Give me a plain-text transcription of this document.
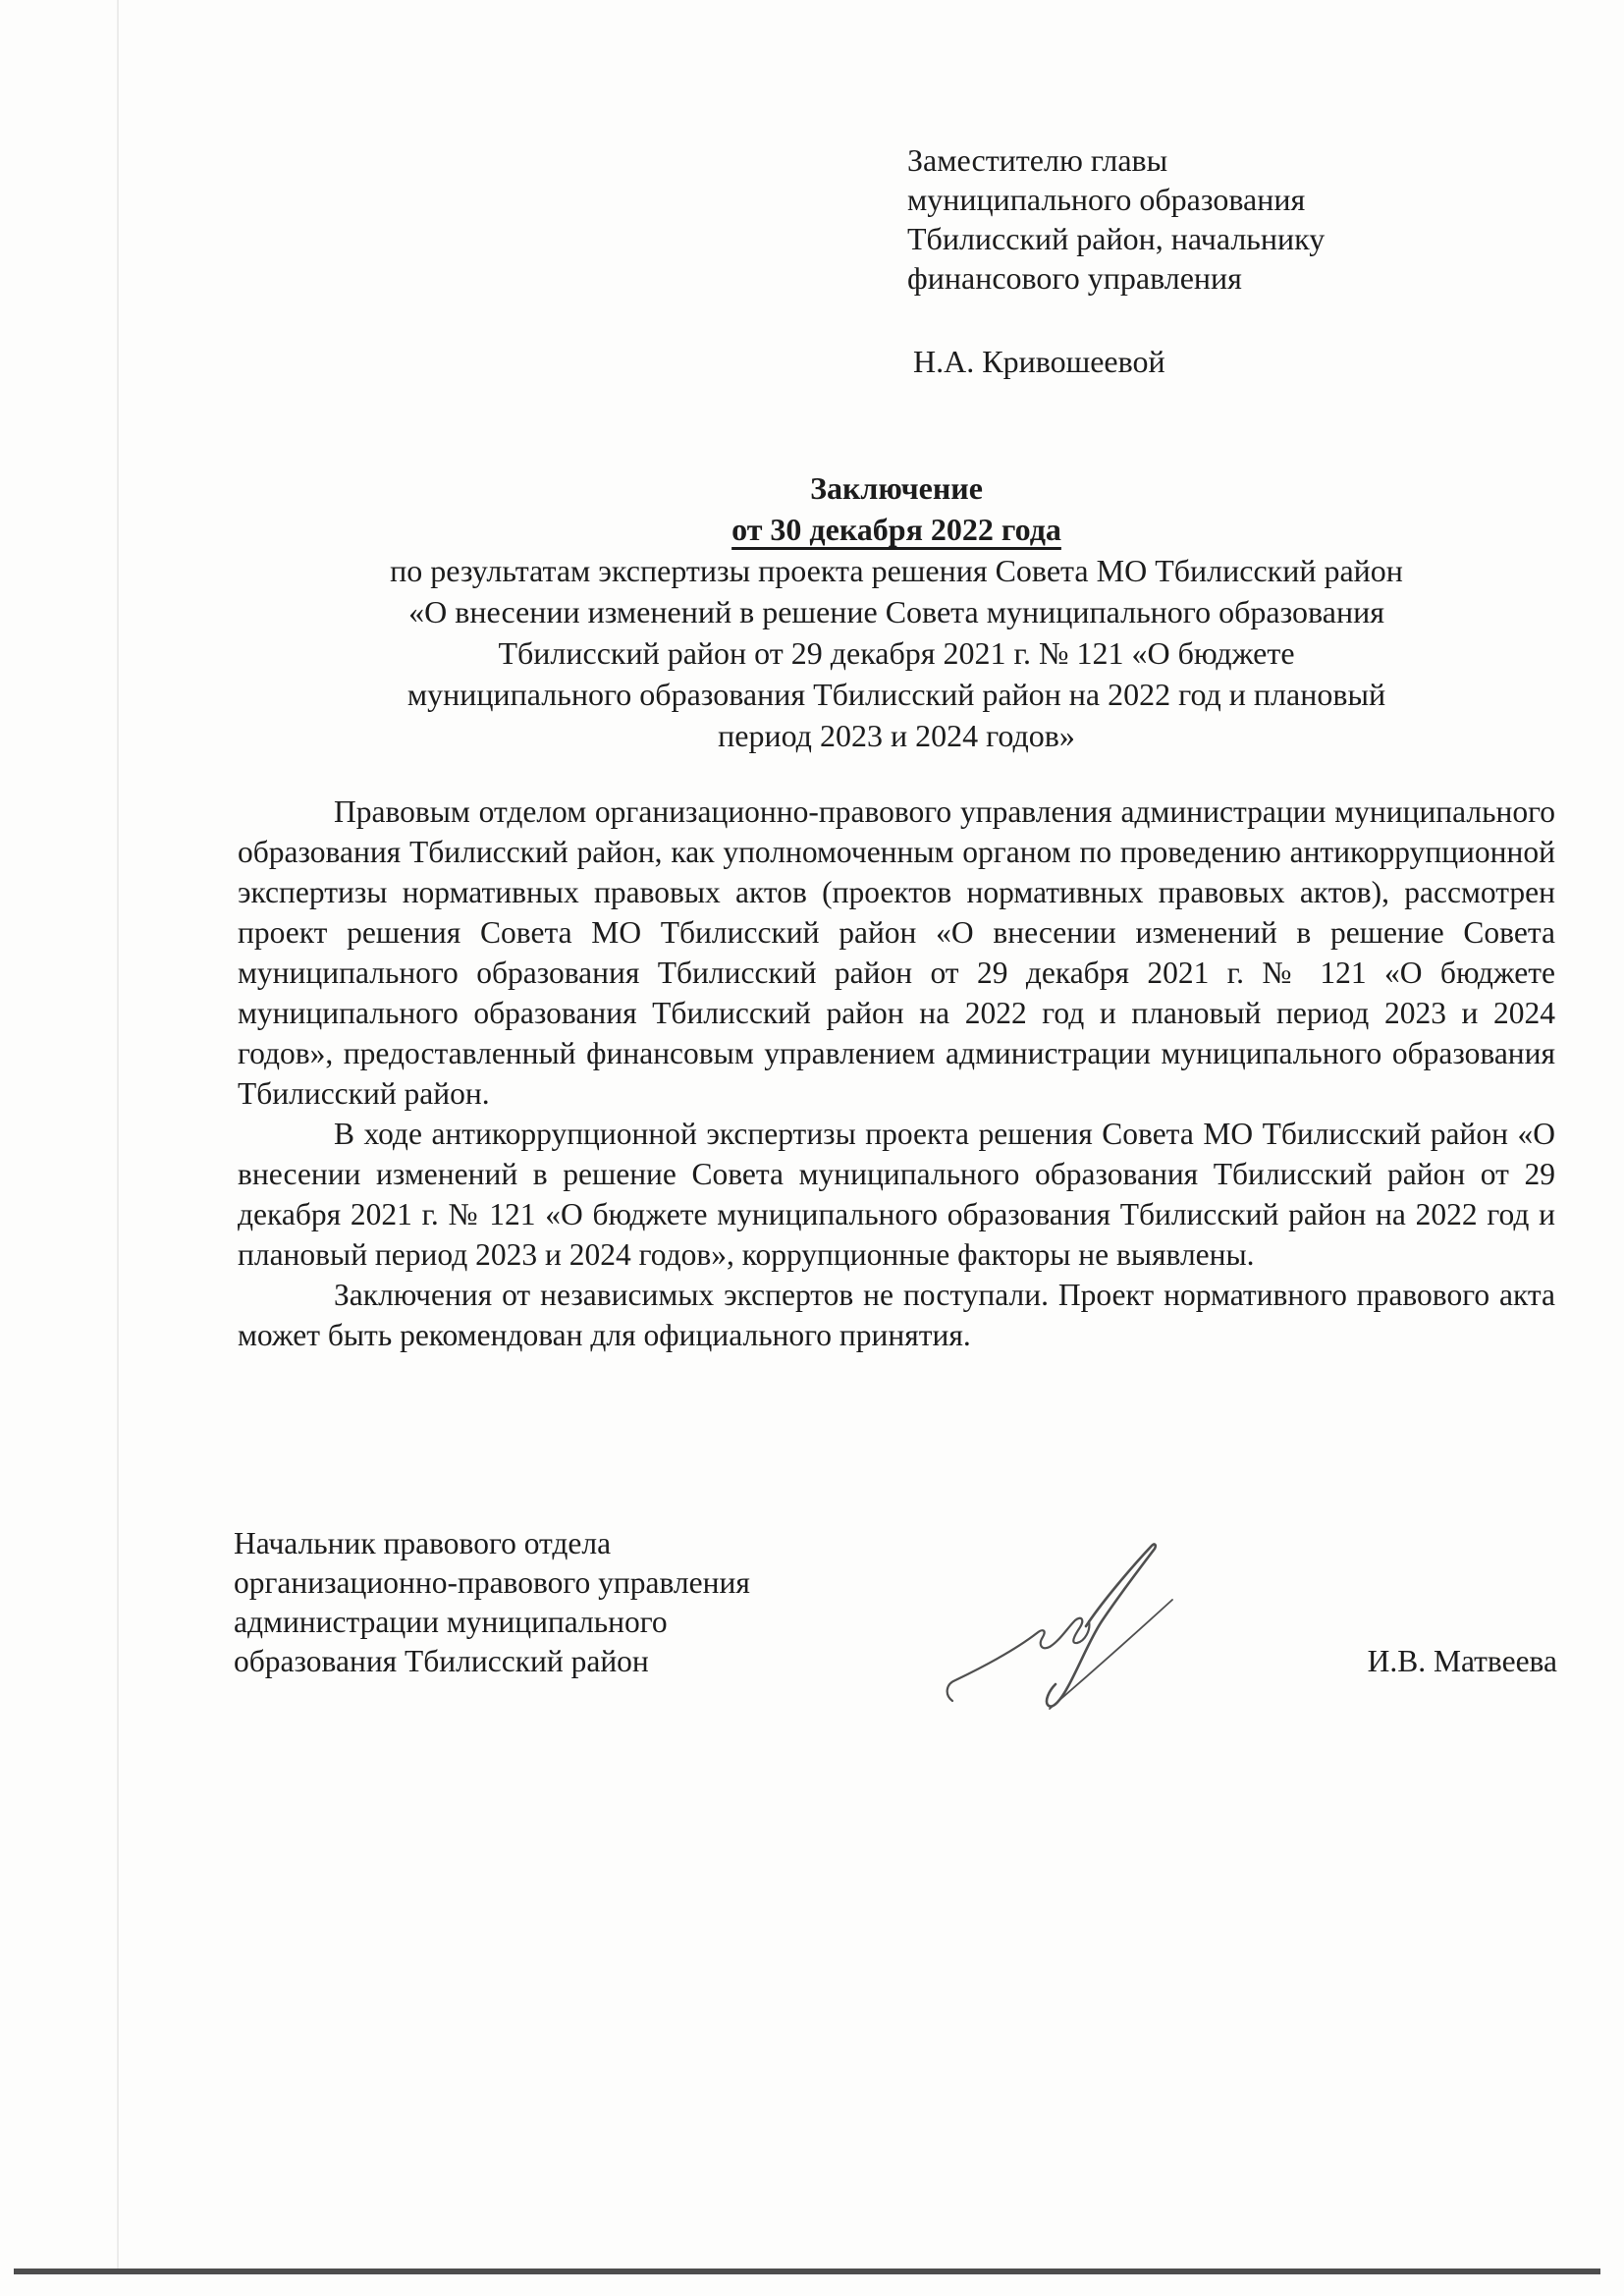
Заместителю главы
муниципального образования
Тбилисский район, начальнику
финансового управления
Н.А. Кривошеевой
Заключение
от 30 декабря 2022 года
по результатам экспертизы проекта решения Совета МО Тбилисский район
«О внесении изменений в решение Совета муниципального образования
Тбилисский район от 29 декабря 2021 г. № 121 «О бюджете
муниципального образования Тбилисский район на 2022 год и плановый
период 2023 и 2024 годов»

Правовым отделом организационно-правового управления администрации муниципального образования Тбилисский район, как уполномоченным органом по проведению антикоррупционной экспертизы нормативных правовых актов (проектов нормативных правовых актов), рассмотрен проект решения Совета МО Тбилисский район «О внесении изменений в решение Совета муниципального образования Тбилисский район от 29 декабря 2021 г. № 121 «О бюджете муниципального образования Тбилисский район на 2022 год и плановый период 2023 и 2024 годов», предоставленный финансовым управлением администрации муниципального образования Тбилисский район.

В ходе антикоррупционной экспертизы проекта решения Совета МО Тбилисский район «О внесении изменений в решение Совета муниципального образования Тбилисский район от 29 декабря 2021 г. № 121 «О бюджете муниципального образования Тбилисский район на 2022 год и плановый период 2023 и 2024 годов», коррупционные факторы не выявлены.

Заключения от независимых экспертов не поступали. Проект нормативного правового акта может быть рекомендован для официального принятия.

Начальник правового отдела
организационно-правового управления
администрации муниципального
образования Тбилисский район	И.В. Матвеева
